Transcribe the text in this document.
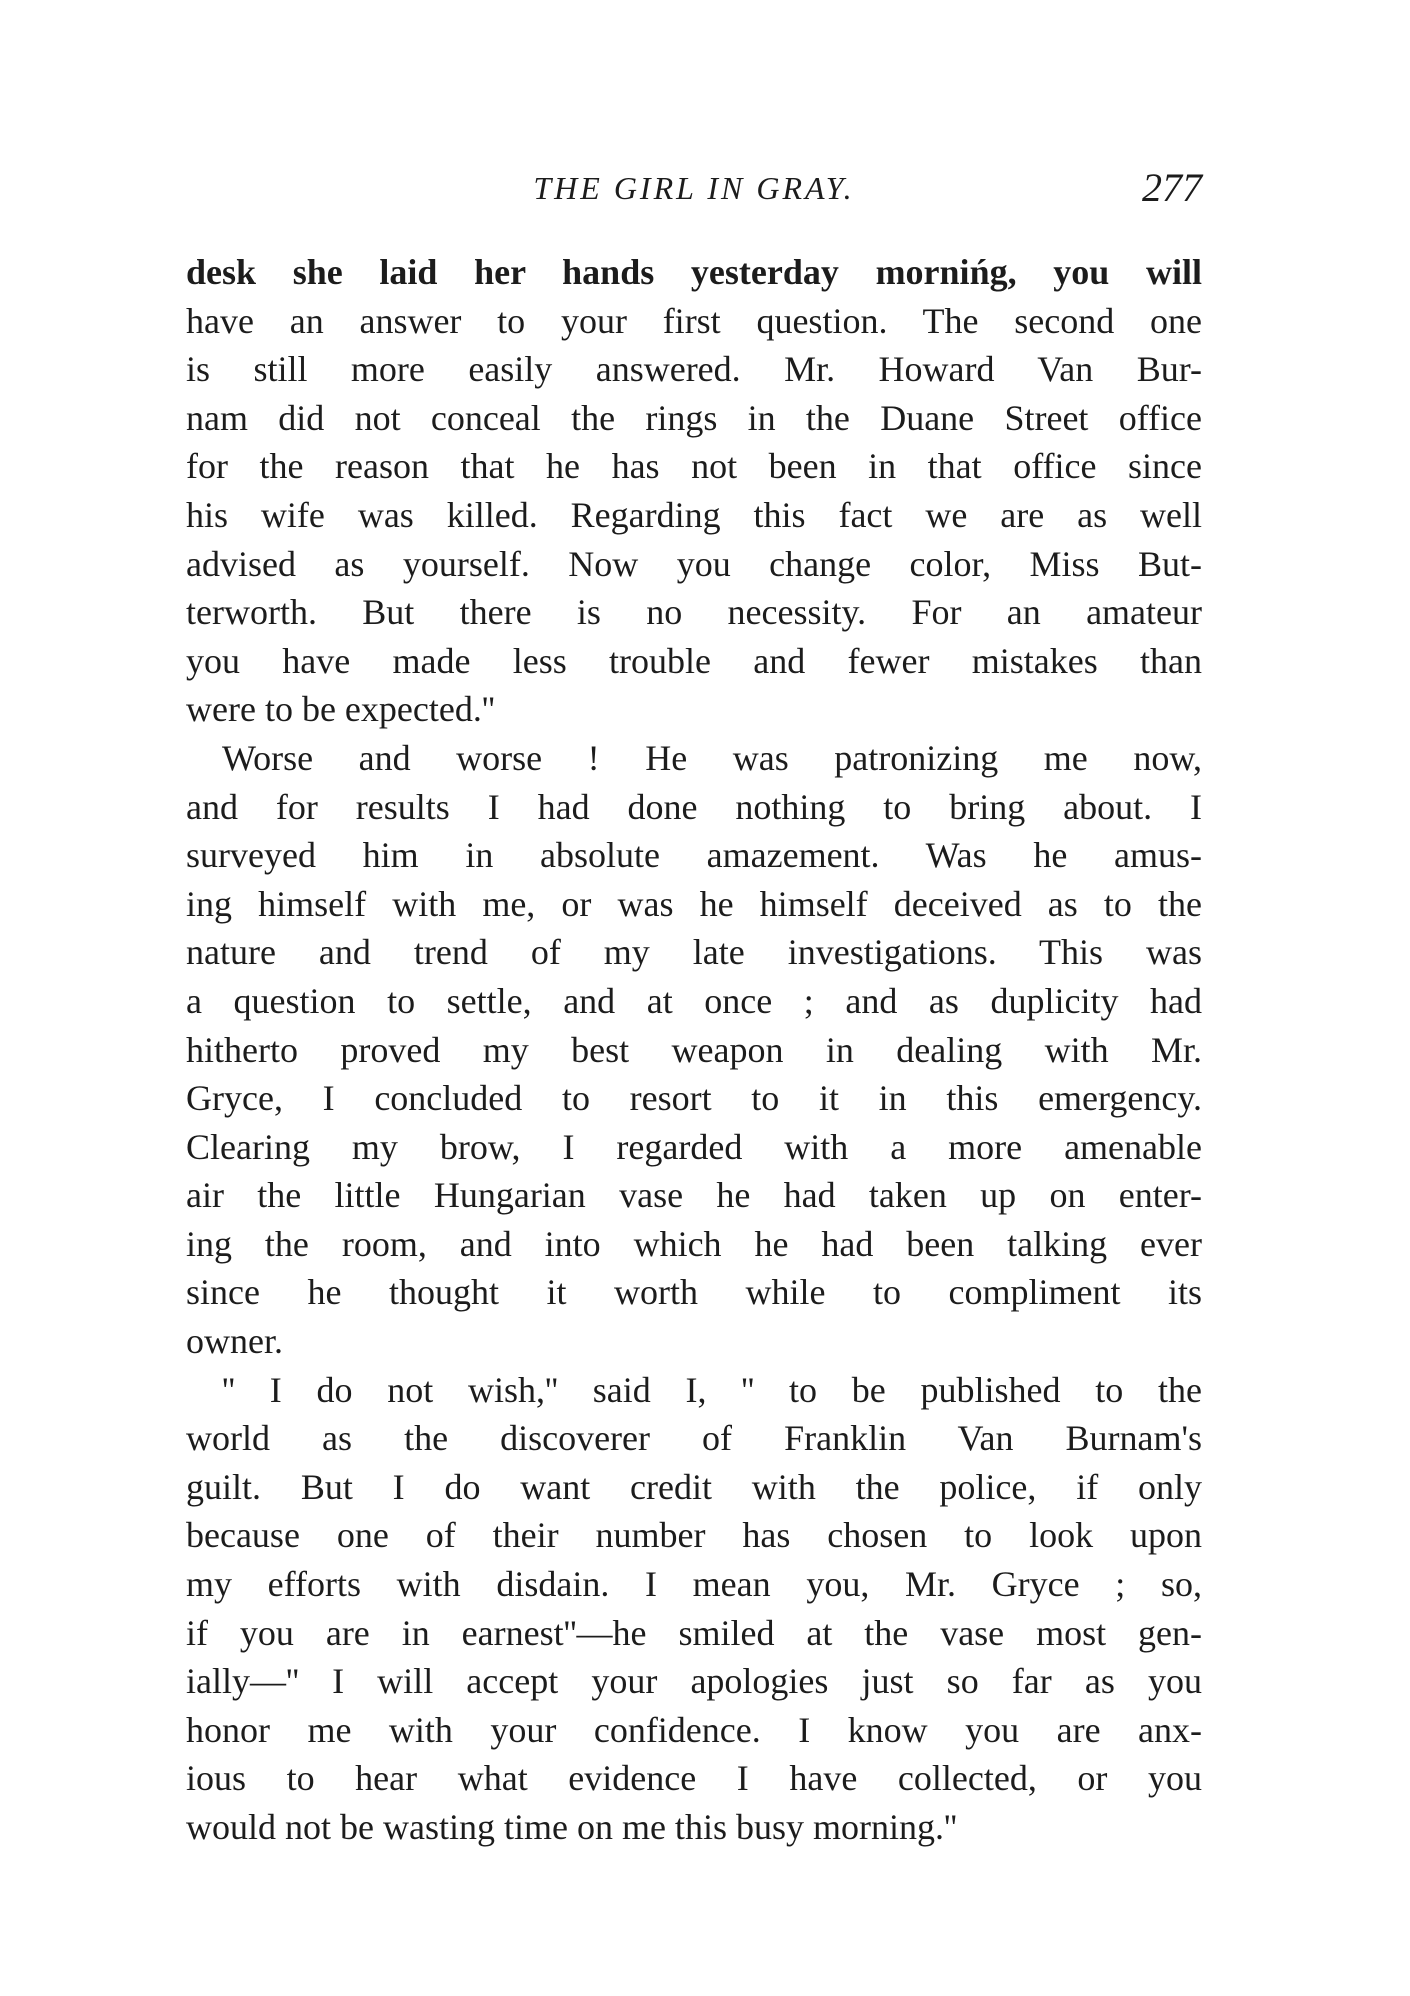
THE GIRL IN GRAY.	277
desk she laid her hands yesterday mornińg, you will
have an answer to your first question. The second one
is still more easily answered. Mr. Howard Van Bur-
nam did not conceal the rings in the Duane Street office
for the reason that he has not been in that office since
his wife was killed. Regarding this fact we are as well
advised as yourself. Now you change color, Miss But-
terworth. But there is no necessity. For an amateur
you have made less trouble and fewer mistakes than
were to be expected.''
Worse and worse ! He was patronizing me now,
and for results I had done nothing to bring about. I
surveyed him in absolute amazement. Was he amus-
ing himself with me, or was he himself deceived as to the
nature and trend of my late investigations. This was
a question to settle, and at once ; and as duplicity had
hitherto proved my best weapon in dealing with Mr.
Gryce, I concluded to resort to it in this emergency.
Clearing my brow, I regarded with a more amenable
air the little Hungarian vase he had taken up on enter-
ing the room, and into which he had been talking ever
since he thought it worth while to compliment its
owner.
'' I do not wish,'' said I, '' to be published to the
world as the discoverer of Franklin Van Burnam's
guilt. But I do want credit with the police, if only
because one of their number has chosen to look upon
my efforts with disdain. I mean you, Mr. Gryce ; so,
if you are in earnest''—he smiled at the vase most gen-
ially—'' I will accept your apologies just so far as you
honor me with your confidence. I know you are anx-
ious to hear what evidence I have collected, or you
would not be wasting time on me this busy morning.''
